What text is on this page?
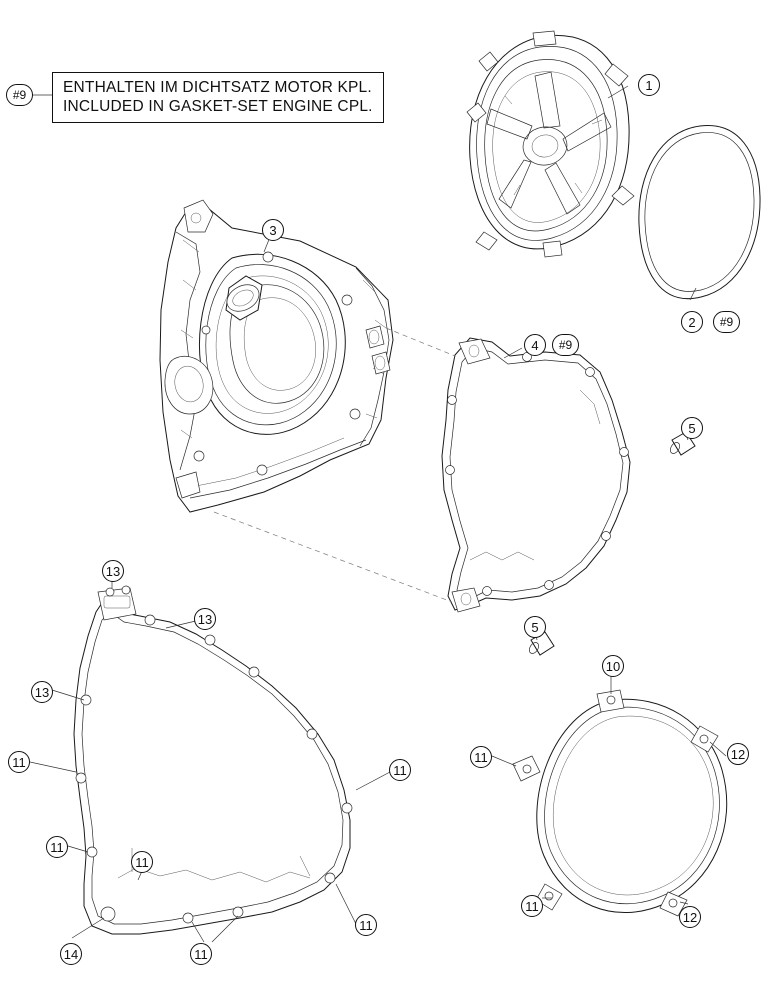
ENTHALTEN IM DICHTSATZ MOTOR KPL.
INCLUDED IN GASKET-SET ENGINE CPL.
#9
1
2 #9
3
4 #9
5
5
10
11
11
11
11
11
11
11
11
12
12
13
13
13
14
